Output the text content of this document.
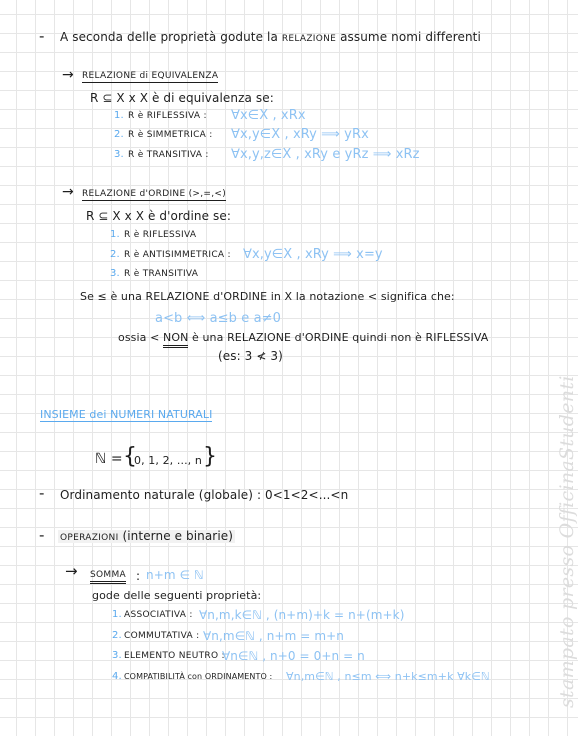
- A seconda delle proprietà godute la RELAZIONE assume nomi differenti
→ RELAZIONE di EQUIVALENZA
R ⊆ X x X è di equivalenza se:
1. R è RIFLESSIVA : ∀x∈X , xRx
2. R è SIMMETRICA : ∀x,y∈X , xRy ⟹ yRx
3. R è TRANSITIVA : ∀x,y,z∈X , xRy e yRz ⟹ xRz
→ RELAZIONE d'ORDINE (>,=,<)
R ⊆ X x X è d'ordine se:
1. R è RIFLESSIVA
2. R è ANTISIMMETRICA : ∀x,y∈X , xRy ⟹ x=y
3. R è TRANSITIVA
Se ≤ è una RELAZIONE d'ORDINE in X la notazione < significa che:
a<b ⟺ a≤b e a≠0
ossia < NON è una RELAZIONE d'ORDINE quindi non è RIFLESSIVA
(es: 3 ≮ 3)
INSIEME dei NUMERI NATURALI
ℕ = {
0, 1, 2, ..., n }
- Ordinamento naturale (globale) : 0<1<2<...<n
- OPERAZIONI (interne e binarie)
→ SOMMA : n+m ∈ ℕ
gode delle seguenti proprietà:
1. ASSOCIATIVA : ∀n,m,k∈ℕ , (n+m)+k = n+(m+k)
2. COMMUTATIVA : ∀n,m∈ℕ , n+m = m+n
3. ELEMENTO NEUTRO :
∀n∈ℕ , n+0 = 0+n = n
4. COMPATIBILITÀ con ORDINAMENTO : ∀n,m∈ℕ , n≤m ⟺ n+k≤m+k ∀k∈ℕ	stampato presso OfficinaStudenti
